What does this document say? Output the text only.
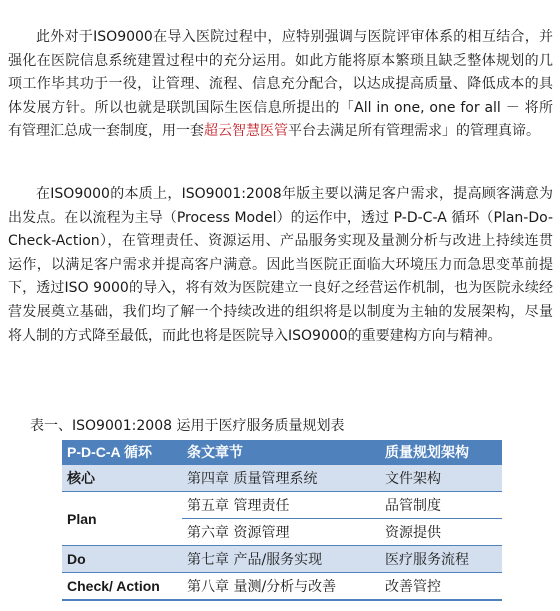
此外对于ISO9000在导入医院过程中，应特别强调与医院评审体系的相互结合，并强化在医院信息系统建置过程中的充分运用。如此方能将原本繁琐且缺乏整体规划的几项工作毕其功于一役，让管理、流程、信息充分配合，以达成提高质量、降低成本的具体发展方针。所以也就是联凯国际生医信息所提出的「All in one, one for all － 将所有管理汇总成一套制度，用一套超云智慧医管平台去满足所有管理需求」的管理真谛。

在ISO9000的本质上，ISO9001:2008年版主要以满足客户需求，提高顾客满意为出发点。在以流程为主导（Process Model）的运作中，透过 P-D-C-A 循环（Plan-Do-Check-Action），在管理责任、资源运用、产品服务实现及量测分析与改进上持续连贯运作，以满足客户需求并提高客户满意。因此当医院正面临大环境压力而急思变革前提下，透过ISO 9000的导入，将有效为医院建立一良好之经营运作机制，也为医院永续经营发展奠立基础，我们均了解一个持续改进的组织将是以制度为主轴的发展架构，尽量将人制的方式降至最低，而此也将是医院导入ISO9000的重要建构方向与精神。

表一、ISO9001:2008 运用于医疗服务质量规划表

P-D-C-A 循环	条文章节	质量规划架构
核心	第四章 质量管理系统	文件架构
Plan	第五章 管理责任	品管制度
	第六章 资源管理	资源提供
Do	第七章 产品/服务实现	医疗服务流程
Check/ Action	第八章 量测/分析与改善	改善管控
